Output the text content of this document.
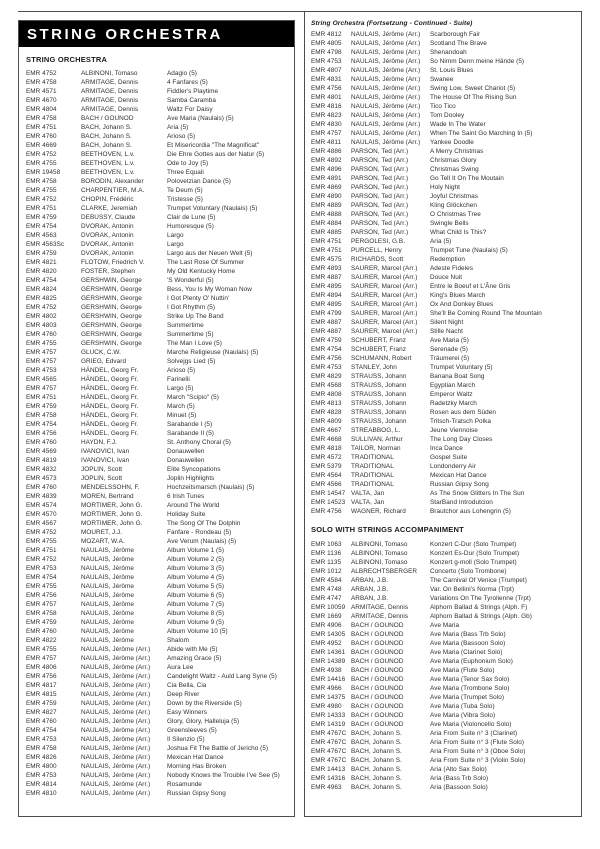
STRING ORCHESTRA
STRING ORCHESTRA
EMR 4752	ALBINONI, Tomaso	Adagio (5)
EMR 4758	ARMITAGE, Dennis	4 Fanfares (5)
EMR 4571	ARMITAGE, Dennis	Fiddler's Playtime
EMR 4670	ARMITAGE, Dennis	Samba Caramba
EMR 4804	ARMITAGE, Dennis	Waltz For Daisy
EMR 4758	BACH / GOUNOD	Ave Maria (Naulais) (5)
EMR 4751	BACH, Johann S.	Aria (5)
EMR 4760	BACH, Johann S.	Arioso (5)
EMR 4669	BACH, Johann S.	Et Misericordia "The Magnificat"
EMR 4752	BEETHOVEN, L.v.	Die Ehre Gottes aus der Natur (5)
EMR 4755	BEETHOVEN, L.v.	Ode to Joy (5)
EMR 19458	BEETHOVEN, L.v.	Three Equali
EMR 4758	BORODIN, Alexander	Polovetzian Dance (5)
EMR 4755	CHARPENTIER, M.A.	Te Deum (5)
EMR 4752	CHOPIN, Frédéric	Tristesse (5)
EMR 4751	CLARKE, Jeremiah	Trumpet Voluntary (Naulais) (5)
EMR 4759	DEBUSSY, Claude	Clair de Lune (5)
EMR 4754	DVORAK, Antonin	Humoresque (5)
EMR 4563	DVORAK, Antonin	Largo
EMR 4563Sc	DVORAK, Antonin	Largo
EMR 4759	DVORAK, Antonin	Largo aus der Neuen Welt (5)
EMR 4821	FLOTOW, Friedrich V.	The Last Rose Of Summer
EMR 4820	FOSTER, Stephen	My Old Kentucky Home
EMR 4754	GERSHWIN, George	'S Wonderful (5)
EMR 4824	GERSHWIN, George	Bess, You Is My Woman Now
EMR 4825	GERSHWIN, George	I Got Plenty O' Nuttin'
EMR 4752	GERSHWIN, George	I Got Rhythm (5)
EMR 4802	GERSHWIN, George	Strike Up The Band
EMR 4803	GERSHWIN, George	Summertime
EMR 4760	GERSHWIN, George	Summertime (5)
EMR 4755	GERSHWIN, George	The Man I Love (5)
EMR 4757	GLUCK, C.W.	Marche Religieuse (Naulais) (5)
EMR 4757	GRIEG, Edvard	Solvejgs Lied (5)
EMR 4753	HÄNDEL, Georg Fr.	Arioso (5)
EMR 4565	HÄNDEL, Georg Fr.	Farinelli
EMR 4757	HÄNDEL, Georg Fr.	Largo (5)
EMR 4751	HÄNDEL, Georg Fr.	March "Scipio" (5)
EMR 4759	HÄNDEL, Georg Fr.	March (5)
EMR 4758	HÄNDEL, Georg Fr.	Minuet (5)
EMR 4754	HÄNDEL, Georg Fr.	Sarabande I (5)
EMR 4756	HÄNDEL, Georg Fr.	Sarabande II (5)
EMR 4760	HAYDN, F.J.	St. Anthony Choral (5)
EMR 4569	IVANOVICI, Ivan	Donauwellen
EMR 4819	IVANOVICI, Ivan	Donauwellen
EMR 4832	JOPLIN, Scott	Elite Syncopations
EMR 4573	JOPLIN, Scott	Joplin Highlights
EMR 4760	MENDELSSOHN, F.	Hochzeitsmarsch (Naulais) (5)
EMR 4839	MOREN, Bertrand	6 Irish Tunes
EMR 4574	MORTIMER, John G.	Around The World
EMR 4570	MORTIMER, John G.	Holiday Suite
EMR 4567	MORTIMER, John G.	The Song Of The Dolphin
EMR 4752	MOURET, J.J.	Fanfare - Rondeau (5)
EMR 4755	MOZART, W.A.	Ave Verum (Naulais) (5)
EMR 4751	NAULAIS, Jérôme	Album Volume 1 (5)
EMR 4752	NAULAIS, Jérôme	Album Volume 2 (5)
EMR 4753	NAULAIS, Jérôme	Album Volume 3 (5)
EMR 4754	NAULAIS, Jérôme	Album Volume 4 (5)
EMR 4755	NAULAIS, Jérôme	Album Volume 5 (5)
EMR 4756	NAULAIS, Jérôme	Album Volume 6 (5)
EMR 4757	NAULAIS, Jérôme	Album Volume 7 (5)
EMR 4758	NAULAIS, Jérôme	Album Volume 8 (5)
EMR 4759	NAULAIS, Jérôme	Album Volume 9 (5)
EMR 4760	NAULAIS, Jérôme	Album Volume 10 (5)
EMR 4822	NAULAIS, Jérôme	Shalom
EMR 4755	NAULAIS, Jérôme (Arr.)	Abide with Me (5)
EMR 4757	NAULAIS, Jérôme (Arr.)	Amazing Grace (5)
EMR 4806	NAULAIS, Jérôme (Arr.)	Aura Lee
EMR 4756	NAULAIS, Jérôme (Arr.)	Candelight Waltz - Auld Lang Syne (5)
EMR 4817	NAULAIS, Jérôme (Arr.)	Cia Bella, Cia
EMR 4815	NAULAIS, Jérôme (Arr.)	Deep River
EMR 4759	NAULAIS, Jérôme (Arr.)	Down by the Riverside (5)
EMR 4827	NAULAIS, Jérôme (Arr.)	Easy Winners
EMR 4760	NAULAIS, Jérôme (Arr.)	Glory, Glory, Halleluja (5)
EMR 4754	NAULAIS, Jérôme (Arr.)	Greensleeves (5)
EMR 4753	NAULAIS, Jérôme (Arr.)	Il Silenzio (5)
EMR 4758	NAULAIS, Jérôme (Arr.)	Joshua Fit The Battle of Jericho (5)
EMR 4826	NAULAIS, Jérôme (Arr.)	Mexican Hat Dance
EMR 4800	NAULAIS, Jérôme (Arr.)	Morning Has Broken
EMR 4753	NAULAIS, Jérôme (Arr.)	Nobody Knows the Trouble I've See (5)
EMR 4814	NAULAIS, Jérôme (Arr.)	Rosamunde
EMR 4810	NAULAIS, Jérôme (Arr.)	Russian Gipsy Song
String Orchestra (Fortsetzung - Continued - Suite)
EMR 4812	NAULAIS, Jérôme (Arr.)	Scarborough Fair
EMR 4805	NAULAIS, Jérôme (Arr.)	Scotland The Brave
EMR 4798	NAULAIS, Jérôme (Arr.)	Shenandoah
EMR 4753	NAULAIS, Jérôme (Arr.)	So Nimm Denn meine Hände (5)
EMR 4807	NAULAIS, Jérôme (Arr.)	St. Louis Blues
EMR 4831	NAULAIS, Jérôme (Arr.)	Swanee
EMR 4756	NAULAIS, Jérôme (Arr.)	Swing Low, Sweet Chariot (5)
EMR 4801	NAULAIS, Jérôme (Arr.)	The House Of The Rising Sun
EMR 4816	NAULAIS, Jérôme (Arr.)	Tico Tico
EMR 4823	NAULAIS, Jérôme (Arr.)	Tom Dooley
EMR 4830	NAULAIS, Jérôme (Arr.)	Wade In The Water
EMR 4757	NAULAIS, Jérôme (Arr.)	When The Saint Go Marching In (5)
EMR 4811	NAULAIS, Jérôme (Arr.)	Yankee Doodle
EMR 4886	PARSON, Ted (Arr.)	A Merry Christmas
EMR 4892	PARSON, Ted (Arr.)	Christmas Glory
EMR 4896	PARSON, Ted (Arr.)	Christmas Swing
EMR 4891	PARSON, Ted (Arr.)	Go Tell It On The Moutain
EMR 4869	PARSON, Ted (Arr.)	Holy Night
EMR 4890	PARSON, Ted (Arr.)	Joyful Christmas
EMR 4889	PARSON, Ted (Arr.)	Kling Glöckchen
EMR 4888	PARSON, Ted (Arr.)	O Christmas Tree
EMR 4884	PARSON, Ted (Arr.)	Swingle Bells
EMR 4885	PARSON, Ted (Arr.)	What Child Is This?
EMR 4751	PERGOLESI, G.B.	Aria (5)
EMR 4751	PURCELL, Henry	Trumpet Tune (Naulais) (5)
EMR 4575	RICHARDS, Scott	Redemption
EMR 4893	SAURER, Marcel (Arr.)	Adeste Fideles
EMR 4887	SAURER, Marcel (Arr.)	Douce Nuit
EMR 4895	SAURER, Marcel (Arr.)	Entre le Boeuf et L'Âne Gris
EMR 4894	SAURER, Marcel (Arr.)	King's Blues March
EMR 4895	SAURER, Marcel (Arr.)	Ox And Donkey Blues
EMR 4799	SAURER, Marcel (Arr.)	She'll Be Coming Round The Mountain
EMR 4887	SAURER, Marcel (Arr.)	Silent Night
EMR 4887	SAURER, Marcel (Arr.)	Stille Nacht
EMR 4759	SCHUBERT, Franz	Ave Maria (5)
EMR 4754	SCHUBERT, Franz	Serenade (5)
EMR 4756	SCHUMANN, Robert	Träumerei (5)
EMR 4753	STANLEY, John	Trumpet Voluntary (5)
EMR 4829	STRAUSS, Johann	Banana Boat Song
EMR 4568	STRAUSS, Johann	Egyptian March
EMR 4808	STRAUSS, Johann	Emperor Waltz
EMR 4813	STRAUSS, Johann	Radetzky March
EMR 4828	STRAUSS, Johann	Rosen aus dem Süden
EMR 4809	STRAUSS, Johann	Tritsch-Tratsch Polka
EMR 4667	STREABBOG, L.	Jeune Viennoise
EMR 4668	SULLIVAN, Arthur	The Long Day Closes
EMR 4818	TAILOR, Norman	Inca Dance
EMR 4572	TRADITIONAL	Gospel Suite
EMR 5379	TRADITIONAL	Londonderry Air
EMR 4564	TRADITIONAL	Mexican Hat Dance
EMR 4566	TRADITIONAL	Russian Gipsy Song
EMR 14547 VALTA, Jan	As The Snow Glitters In The Sun
EMR 14523 VALTA, Jan	StarBand Introdutcion
EMR 4756	WAGNER, Richard	Brautchor aus Lohengrin (5)
SOLO WITH STRINGS ACCOMPANIMENT
EMR 1063	ALBINONI, Tomaso	Konzert C-Dur (Solo Trumpet)
EMR 1136	ALBINONI, Tomaso	Konzert Es-Dur (Solo Trumpet)
EMR 1135	ALBINONI, Tomaso	Konzert g-moll (Solo Trumpet)
EMR 1012	ALBRECHTSBERGER	Concerto (Solo Trombone)
EMR 4584	ARBAN, J.B.	The Carnival Of Venice (Trumpet)
EMR 4748	ARBAN, J.B.	Var. On Bellini's Norma (Trpt)
EMR 4747	ARBAN, J.B.	Variations On The Tyrolienne (Trpt)
EMR 10059 ARMITAGE, Dennis	Alphorn Ballad & Strings (Alph. F)
EMR 1669	ARMITAGE, Dennis	Alphorn Ballad & Strings (Alph. Gb)
EMR 4906	BACH / GOUNOD	Ave Maria
EMR 14305 BACH / GOUNOD	Ave Maria (Bass Trb Solo)
EMR 4952	BACH / GOUNOD	Ave Maria (Bassoon Solo)
EMR 14361 BACH / GOUNOD	Ave Maria (Clarinet Solo)
EMR 14389 BACH / GOUNOD	Ave Maria (Euphonium Solo)
EMR 4938	BACH / GOUNOD	Ave Maria (Flute Solo)
EMR 14416 BACH / GOUNOD	Ave Maria (Tenor Sax Solo)
EMR 4966	BACH / GOUNOD	Ave Maria (Trombone Solo)
EMR 14375 BACH / GOUNOD	Ave Maria (Trumpet Solo)
EMR 4980	BACH / GOUNOD	Ave Maria (Tuba Solo)
EMR 14333 BACH / GOUNOD	Ave Maria (Vibra Solo)
EMR 14319 BACH / GOUNOD	Ave Maria (Violoncello Solo)
EMR 4767C BACH, Johann S.	Aria From Suite n° 3 (Clarinet)
EMR 4767C BACH, Johann S.	Aria From Suite n° 3 (Flute Solo)
EMR 4767C BACH, Johann S.	Aria From Suite n° 3 (Oboe Solo)
EMR 4767C BACH, Johann S.	Aria From Suite n° 3 (Violin Solo)
EMR 14413 BACH, Johann S.	Aria (Alto Sax Solo)
EMR 14316 BACH, Johann S.	Aria (Bass Trb Solo)
EMR 4963	BACH, Johann S.	Aria (Bassoon Solo)
